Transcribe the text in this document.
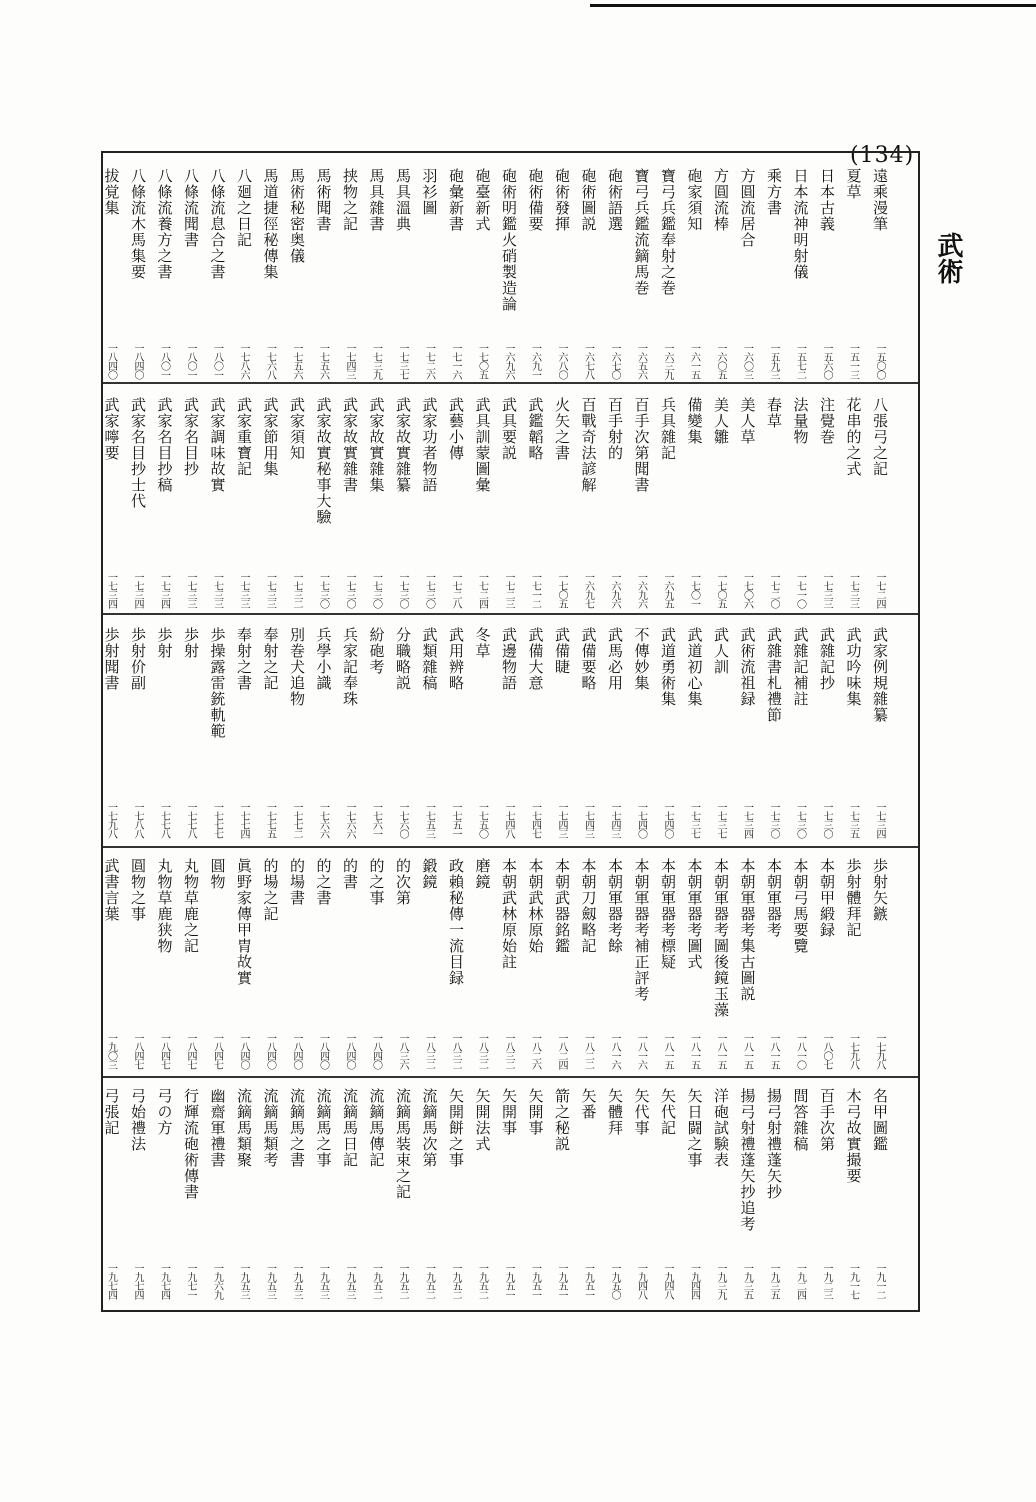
(134)
武術
遠乘漫筆
一五〇〇
夏草
一五一三
日本古義
一五六〇
日本流神明射儀
一五七二
乘方書
一五九三
方圓流居合
一六〇三
方圓流棒
一六〇五
砲家須知
一六一五
寶弓兵鑑奉射之巻
一六三九
寶弓兵鑑流鏑馬巻
一六五六
砲術語選
一六七〇
砲術圖説
一六七八
砲術發揮
一六八〇
砲術備要
一六九一
砲術明鑑火硝製造論
一六九六
砲臺新式
一七〇五
砲彙新書
一七一六
羽衫圖
一七二六
馬具溫典
一七三七
馬具雜書
一七三九
挟物之記
一七四三
馬術聞書
一七五六
馬術秘密奥儀
一七五六
馬道捷徑秘傳集
一七六八
八廻之日記
一七八六
八條流息合之書
一八〇一
八條流聞書
一八〇一
八條流養方之書
一八〇一
八條流木馬集要
一八四〇
拔覚集
一八四〇
八張弓之記
一七二四
花串的之式
一七三三
注覺巻
一七三三
法量物
一七一〇
春草
一七二〇
美人草
一七〇六
美人雛
一七〇五
備變集
一七〇一
兵具雜記
一六九五
百手次第聞書
一六九六
百手射的
一六九六
百戰奇法諺解
一六九七
火矢之書
一七〇五
武鑑韜略
一七一二
武具要説
一七二三
武具訓蒙圖彙
一七二四
武藝小傳
一七二八
武家功者物語
一七三〇
武家故實雜纂
一七三〇
武家故實雜集
一七三〇
武家故實雜書
一七三〇
武家故實秘事大驗
一七三〇
武家須知
一七三二
武家節用集
一七三三
武家重寶記
一七三三
武家調味故實
一七三三
武家名目抄
一七三三
武家名目抄稿
一七三四
武家名目抄士代
一七三四
武家嚀要
一七三四
武家例規雜纂
一七三四
武功吟味集
一七三五
武雜記抄
一七三〇
武雜記補註
一七三〇
武雜書札禮節
一七三〇
武術流祖録
一七三四
武人訓
一七三七
武道初心集
一七三七
武道勇術集
一七四〇
不傳妙集
一七四〇
武馬必用
一七四三
武備要略
一七四三
武備睫
一七四三
武備大意
一七四七
武邊物語
一七四八
冬草
一七五〇
武用辨略
一七五一
武類雜稿
一七五三
分職略説
一七六〇
紛砲考
一七六一
兵家記奉珠
一七六六
兵學小識
一七六六
別巻犬追物
一七七二
奉射之記
一七七五
奉射之書
一七七四
歩操露雷銃軌範
一七七七
歩射
一七七八
歩射
一七七八
歩射价副
一七八八
歩射聞書
一七九八
歩射矢鏃
一七九八
歩射體拜記
一七九八
本朝甲緞録
一八〇七
本朝弓馬要覽
一八一〇
本朝軍器考
一八一五
本朝軍器考集古圖説
一八一五
本朝軍器考圖後鏡玉藻
一八一五
本朝軍器考圖式
一八一五
本朝軍器考標疑
一八一五
本朝軍器考補正評考
一八一六
本朝軍器考餘
一八一六
本朝刀劔略記
一八二二
本朝武器銘鑑
一八二四
本朝武林原始
一八二六
本朝武林原始註
一八三二
磨鏡
一八三二
政賴秘傳一流目録
一八三二
鍛鏡
一八三二
的次第
一八三六
的之事
一八四〇
的書
一八四〇
的之書
一八四〇
的場書
一八四〇
的場之記
一八四〇
眞野家傳甲胄故實
一八四〇
圓物
一八四七
丸物草鹿之記
一八四七
丸物草鹿狭物
一八四七
圓物之事
一八四七
武書言葉
一九〇三
名甲圖鑑
一九一二
木弓故實撮要
一九一七
百手次第
一九二三
間答雜稿
一九二四
揚弓射禮蓬矢抄
一九三五
揚弓射禮蓬矢抄追考
一九三五
洋砲試験表
一九三九
矢日闘之事
一九四四
矢代記
一九四八
矢代事
一九四八
矢體拜
一九五〇
矢番
一九五一
箭之秘説
一九五一
矢開事
一九五一
矢開事
一九五一
矢開法式
一九五二
矢開餅之事
一九五二
流鏑馬次第
一九五二
流鏑馬装束之記
一九五二
流鏑馬傳記
一九五二
流鏑馬日記
一九五三
流鏑馬之事
一九五三
流鏑馬之書
一九五三
流鏑馬類考
一九五三
流鏑馬類聚
一九五三
幽齋軍禮書
一九六九
行輝流砲術傳書
一九七一
弓の方
一九七四
弓始禮法
一九七四
弓張記
一九七四
